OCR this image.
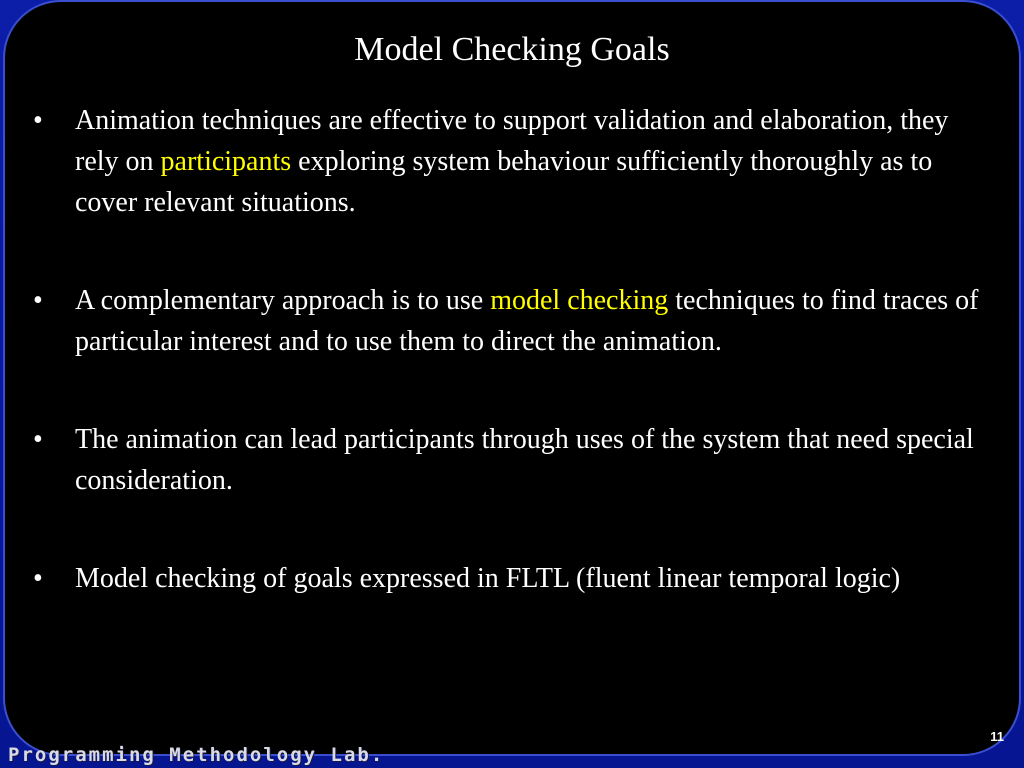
Model Checking Goals
• Animation techniques are effective to support validation and elaboration, they rely on participants exploring system behaviour sufficiently thoroughly as to cover relevant situations.
• A complementary approach is to use model checking techniques to find traces of particular interest and to use them to direct the animation.
• The animation can lead participants through uses of the system that need special consideration.
• Model checking of goals expressed in FLTL (fluent linear temporal logic)
11
Programming Methodology Lab.
